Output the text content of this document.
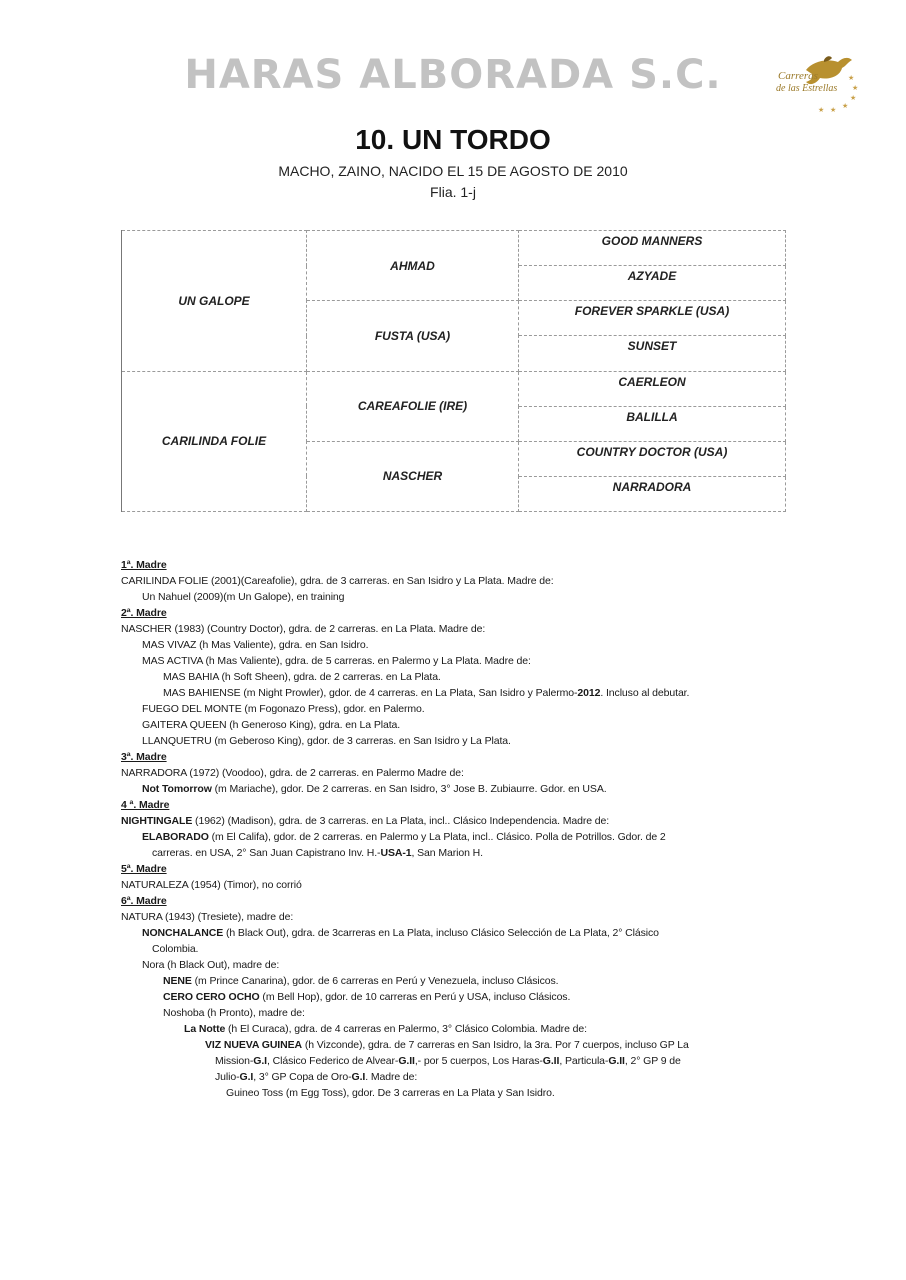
HARAS ALBORADA S.C.	★
★
★
★
★
★
Carreras
de las Estrellas
10. UN TORDO
MACHO, ZAINO, NACIDO EL 15 DE AGOSTO DE 2010
Flia. 1-j
UN GALOPE	AHMAD	GOOD MANNERS
		AZYADE
	FUSTA (USA)	FOREVER SPARKLE (USA)
		SUNSET
CARILINDA FOLIE	CAREAFOLIE (IRE)	CAERLEON
		BALILLA
	NASCHER	COUNTRY DOCTOR (USA)
		NARRADORA
1ª. Madre
CARILINDA FOLIE (2001)(Careafolie), gdra. de 3 carreras. en San Isidro y La Plata. Madre de:
Un Nahuel (2009)(m Un Galope), en training
2ª. Madre
NASCHER (1983) (Country Doctor), gdra. de 2 carreras. en La Plata. Madre de:
MAS VIVAZ (h Mas Valiente), gdra. en San Isidro.
MAS ACTIVA (h Mas Valiente), gdra. de 5 carreras. en Palermo y La Plata. Madre de:
MAS BAHIA (h Soft Sheen), gdra. de 2 carreras. en La Plata.
MAS BAHIENSE (m Night Prowler), gdor. de 4 carreras. en La Plata, San Isidro y Palermo-2012. Incluso al debutar.
FUEGO DEL MONTE (m Fogonazo Press), gdor. en Palermo.
GAITERA QUEEN (h Generoso King), gdra. en La Plata.
LLANQUETRU (m Geberoso King), gdor. de 3 carreras. en San Isidro y La Plata.
3ª. Madre
NARRADORA (1972) (Voodoo), gdra. de 2 carreras. en Palermo Madre de:
Not Tomorrow (m Mariache), gdor. De 2 carreras. en San Isidro, 3° Jose B. Zubiaurre. Gdor. en USA.
4 ª. Madre
NIGHTINGALE (1962) (Madison), gdra. de 3 carreras. en La Plata, incl.. Clásico Independencia. Madre de:
ELABORADO (m El Califa), gdor. de 2 carreras. en Palermo y La Plata, incl.. Clásico. Polla de Potrillos. Gdor. de 2
carreras. en USA, 2° San Juan Capistrano Inv. H.-USA-1, San Marion H.
5ª. Madre
NATURALEZA (1954) (Timor), no corrió
6ª. Madre
NATURA (1943) (Tresiete), madre de:
NONCHALANCE (h Black Out), gdra. de 3carreras en La Plata, incluso Clásico Selección de La Plata, 2° Clásico
Colombia.
Nora (h Black Out), madre de:
NENE (m Prince Canarina), gdor. de 6 carreras en Perú y Venezuela, incluso Clásicos.
CERO CERO OCHO (m Bell Hop), gdor. de 10 carreras en Perú y USA, incluso Clásicos.
Noshoba (h Pronto), madre de:
La Notte (h El Curaca), gdra. de 4 carreras en Palermo, 3° Clásico Colombia. Madre de:
VIZ NUEVA GUINEA (h Vizconde), gdra. de 7 carreras en San Isidro, la 3ra. Por 7 cuerpos, incluso GP La
Mission-G.I, Clásico Federico de Alvear-G.II,- por 5 cuerpos, Los Haras-G.II, Particula-G.II, 2° GP 9 de
Julio-G.I, 3° GP Copa de Oro-G.I. Madre de:
Guineo Toss (m Egg Toss), gdor. De 3 carreras en La Plata y San Isidro.
